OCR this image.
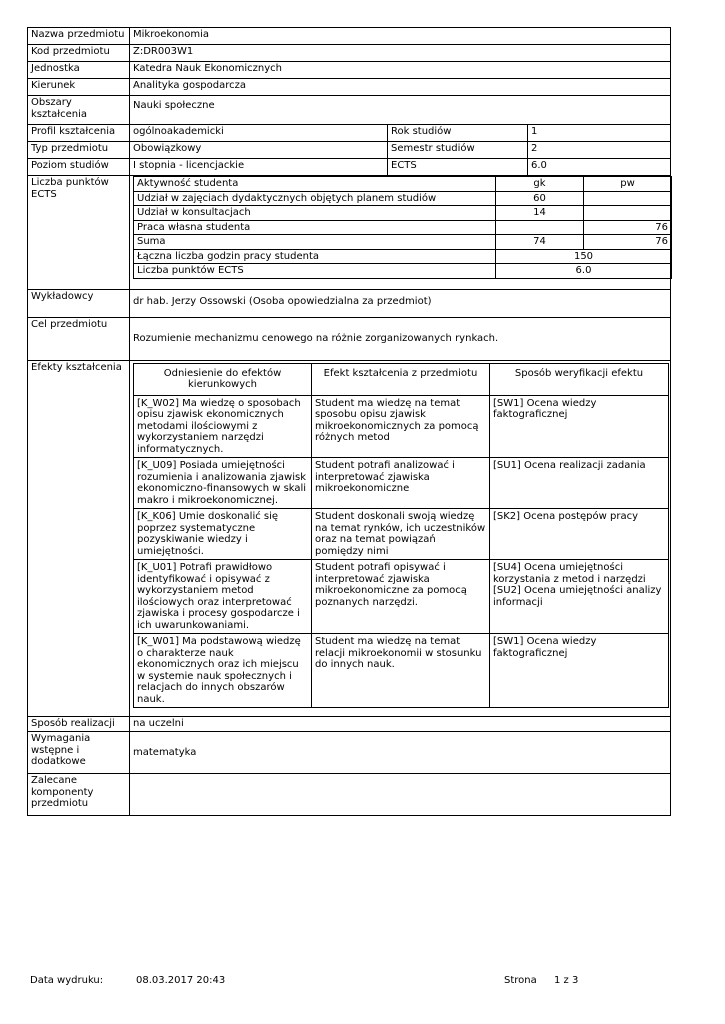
Nazwa przedmiotu	Mikroekonomia
Kod przedmiotu	Z:DR003W1
Jednostka	Katedra Nauk Ekonomicznych
Kierunek	Analityka gospodarcza
Obszary kształcenia	Nauki społeczne
Profil kształcenia	ogólnoakademicki	Rok studiów	1
Typ przedmiotu	Obowiązkowy	Semestr studiów	2
Poziom studiów	I stopnia - licencjackie	ECTS	6.0
Liczba punktów ECTS	
Aktywność studenta	gk	pw
Udział w zajęciach dydaktycznych objętych planem studiów	60	
Udział w konsultacjach	14	
Praca własna studenta		76
Suma	74	76
Łączna liczba godzin pracy studenta	150
Liczba punktów ECTS	6.0

Wykładowcy	dr hab. Jerzy Ossowski (Osoba opowiedzialna za przedmiot)
Cel przedmiotu	Rozumienie mechanizmu cenowego na różnie zorganizowanych rynkach.
Efekty kształcenia	
Odniesienie do efektów kierunkowych	Efekt kształcenia z przedmiotu	Sposób weryfikacji efektu
[K_W02] Ma wiedzę o sposobach opisu zjawisk ekonomicznych metodami ilościowymi z wykorzystaniem narzędzi informatycznych.	Student ma wiedzę na temat sposobu opisu zjawisk mikroekonomicznych za pomocą różnych metod	[SW1] Ocena wiedzy faktograficznej
[K_U09] Posiada umiejętności rozumienia i analizowania zjawisk ekonomiczno-finansowych w skali makro i mikroekonomicznej.	Student potrafi analizować i interpretować zjawiska mikroekonomiczne	[SU1] Ocena realizacji zadania
[K_K06] Umie doskonalić się poprzez systematyczne pozyskiwanie wiedzy i umiejętności.	Student doskonali swoją wiedzę na temat rynków, ich uczestników oraz na temat powiązań pomiędzy nimi	[SK2] Ocena postępów pracy
[K_U01] Potrafi prawidłowo identyfikować i opisywać z wykorzystaniem metod ilościowych oraz interpretować zjawiska i procesy gospodarcze i ich uwarunkowaniami.	Student potrafi opisywać i interpretować zjawiska mikroekonomiczne za pomocą poznanych narzędzi.	[SU4] Ocena umiejętności korzystania z metod i narzędzi [SU2] Ocena umiejętności analizy informacji
[K_W01] Ma podstawową wiedzę o charakterze nauk ekonomicznych oraz ich miejscu w systemie nauk społecznych i relacjach do innych obszarów nauk.	Student ma wiedzę na temat relacji mikroekonomii w stosunku do innych nauk.	[SW1] Ocena wiedzy faktograficznej

Sposób realizacji	na uczelni
Wymagania wstępne i dodatkowe	matematyka
Zalecane komponenty przedmiotu	
Data wydruku:	08.03.2017 20:43	Strona 1 z 3
